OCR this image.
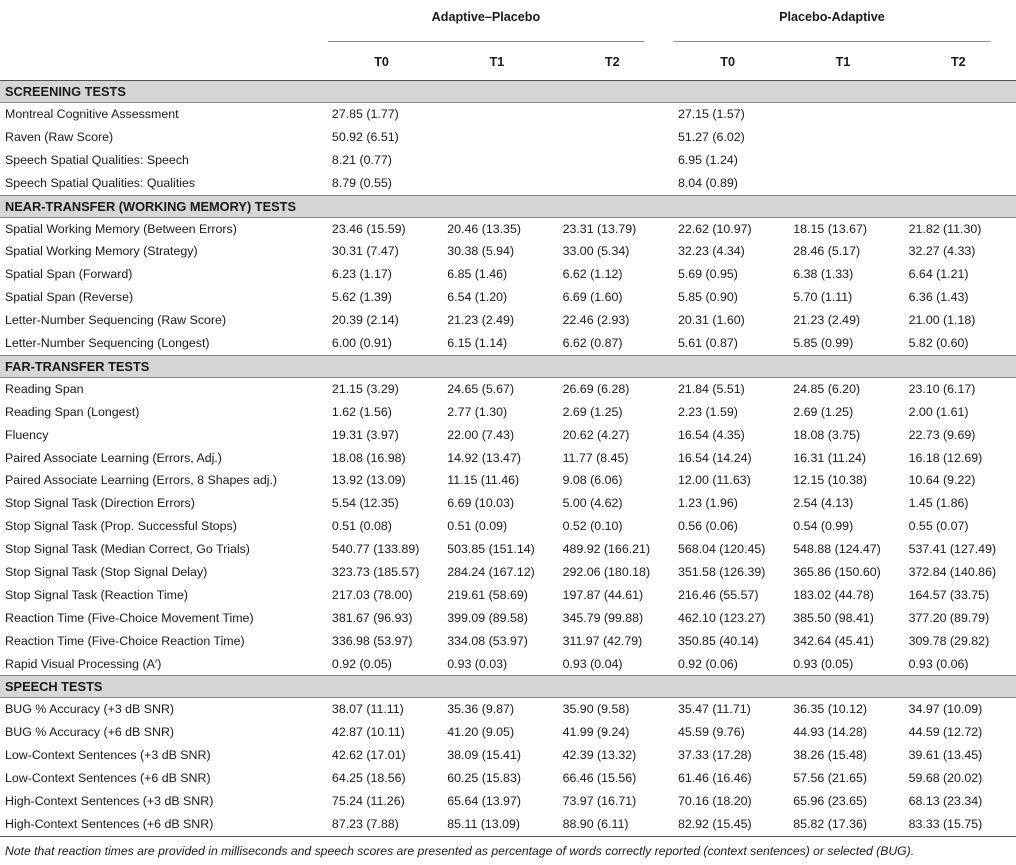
	Adaptive–Placebo			Placebo-Adaptive		

	T0	T1	T2	T0	T1	T2
SCREENING TESTS						
Montreal Cognitive Assessment	27.85 (1.77)			27.15 (1.57)		
Raven (Raw Score)	50.92 (6.51)			51.27 (6.02)		
Speech Spatial Qualities: Speech	8.21 (0.77)			6.95 (1.24)		
Speech Spatial Qualities: Qualities	8.79 (0.55)			8.04 (0.89)		
NEAR-TRANSFER (WORKING MEMORY) TESTS						
Spatial Working Memory (Between Errors)	23.46 (15.59)	20.46 (13.35)	23.31 (13.79)	22.62 (10.97)	18.15 (13.67)	21.82 (11.30)
Spatial Working Memory (Strategy)	30.31 (7.47)	30.38 (5.94)	33.00 (5.34)	32.23 (4.34)	28.46 (5.17)	32.27 (4.33)
Spatial Span (Forward)	6.23 (1.17)	6.85 (1.46)	6.62 (1.12)	5.69 (0.95)	6.38 (1.33)	6.64 (1.21)
Spatial Span (Reverse)	5.62 (1.39)	6.54 (1.20)	6.69 (1.60)	5.85 (0.90)	5.70 (1.11)	6.36 (1.43)
Letter-Number Sequencing (Raw Score)	20.39 (2.14)	21.23 (2.49)	22.46 (2.93)	20.31 (1.60)	21.23 (2.49)	21.00 (1.18)
Letter-Number Sequencing (Longest)	6.00 (0.91)	6.15 (1.14)	6.62 (0.87)	5.61 (0.87)	5.85 (0.99)	5.82 (0.60)
FAR-TRANSFER TESTS						
Reading Span	21.15 (3.29)	24.65 (5.67)	26.69 (6.28)	21.84 (5.51)	24.85 (6.20)	23.10 (6.17)
Reading Span (Longest)	1.62 (1.56)	2.77 (1.30)	2.69 (1.25)	2.23 (1.59)	2.69 (1.25)	2.00 (1.61)
Fluency	19.31 (3.97)	22.00 (7.43)	20.62 (4.27)	16.54 (4.35)	18.08 (3.75)	22.73 (9.69)
Paired Associate Learning (Errors, Adj.)	18.08 (16.98)	14.92 (13.47)	11.77 (8.45)	16.54 (14.24)	16.31 (11.24)	16.18 (12.69)
Paired Associate Learning (Errors, 8 Shapes adj.)	13.92 (13.09)	11.15 (11.46)	9.08 (6.06)	12.00 (11.63)	12.15 (10.38)	10.64 (9.22)
Stop Signal Task (Direction Errors)	5.54 (12.35)	6.69 (10.03)	5.00 (4.62)	1.23 (1.96)	2.54 (4.13)	1.45 (1.86)
Stop Signal Task (Prop. Successful Stops)	0.51 (0.08)	0.51 (0.09)	0.52 (0.10)	0.56 (0.06)	0.54 (0.99)	0.55 (0.07)
Stop Signal Task (Median Correct, Go Trials)	540.77 (133.89)	503.85 (151.14)	489.92 (166.21)	568.04 (120.45)	548.88 (124.47)	537.41 (127.49)
Stop Signal Task (Stop Signal Delay)	323.73 (185.57)	284.24 (167.12)	292.06 (180.18)	351.58 (126.39)	365.86 (150.60)	372.84 (140.86)
Stop Signal Task (Reaction Time)	217.03 (78.00)	219.61 (58.69)	197.87 (44.61)	216.46 (55.57)	183.02 (44.78)	164.57 (33.75)
Reaction Time (Five-Choice Movement Time)	381.67 (96.93)	399.09 (89.58)	345.79 (99.88)	462.10 (123.27)	385.50 (98.41)	377.20 (89.79)
Reaction Time (Five-Choice Reaction Time)	336.98 (53.97)	334.08 (53.97)	311.97 (42.79)	350.85 (40.14)	342.64 (45.41)	309.78 (29.82)
Rapid Visual Processing (A′)	0.92 (0.05)	0.93 (0.03)	0.93 (0.04)	0.92 (0.06)	0.93 (0.05)	0.93 (0.06)
SPEECH TESTS						
BUG % Accuracy (+3 dB SNR)	38.07 (11.11)	35.36 (9.87)	35.90 (9.58)	35.47 (11.71)	36.35 (10.12)	34.97 (10.09)
BUG % Accuracy (+6 dB SNR)	42.87 (10.11)	41.20 (9.05)	41.99 (9.24)	45.59 (9.76)	44.93 (14.28)	44.59 (12.72)
Low-Context Sentences (+3 dB SNR)	42.62 (17.01)	38.09 (15.41)	42.39 (13.32)	37.33 (17.28)	38.26 (15.48)	39.61 (13.45)
Low-Context Sentences (+6 dB SNR)	64.25 (18.56)	60.25 (15.83)	66.46 (15.56)	61.46 (16.46)	57.56 (21.65)	59.68 (20.02)
High-Context Sentences (+3 dB SNR)	75.24 (11.26)	65.64 (13.97)	73.97 (16.71)	70.16 (18.20)	65.96 (23.65)	68.13 (23.34)
High-Context Sentences (+6 dB SNR)	87.23 (7.88)	85.11 (13.09)	88.90 (6.11)	82.92 (15.45)	85.82 (17.36)	83.33 (15.75)
Note that reaction times are provided in milliseconds and speech scores are presented as percentage of words correctly reported (context sentences) or selected (BUG).
